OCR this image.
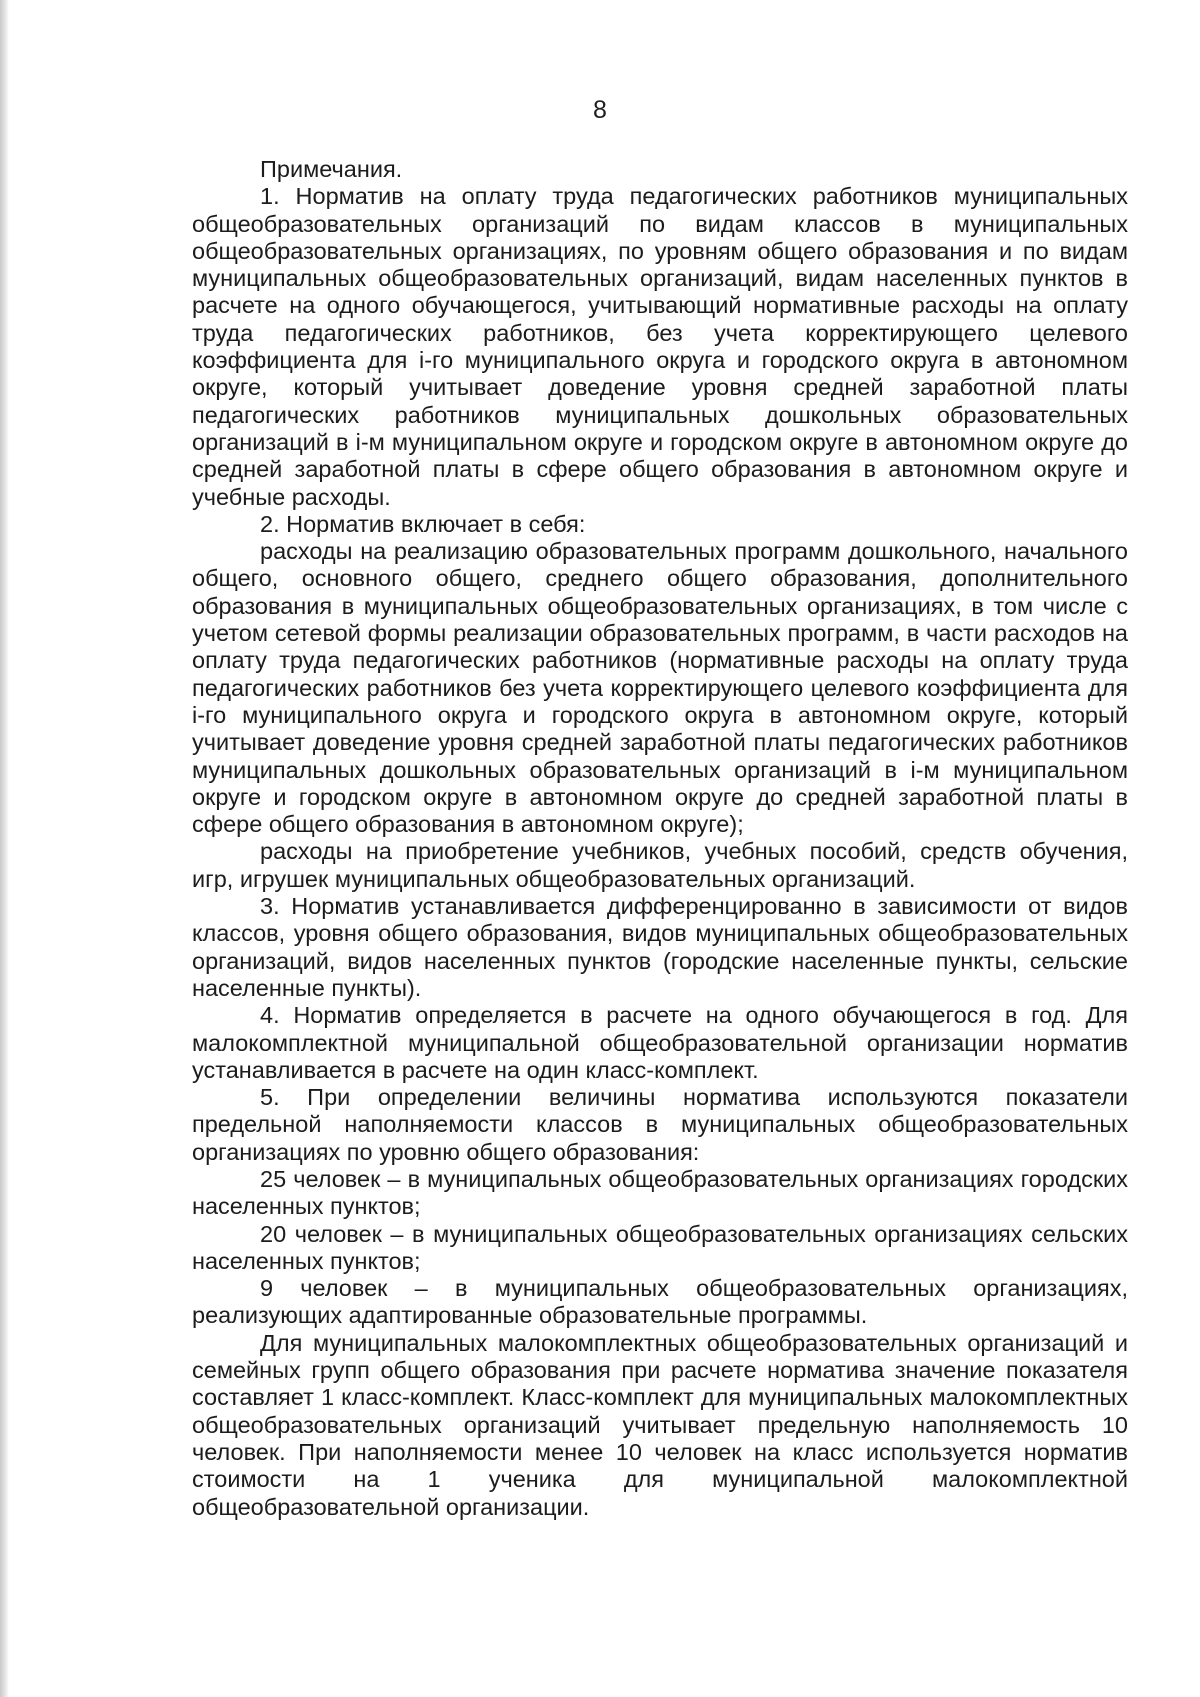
8

Примечания.

1. Норматив на оплату труда педагогических работников муниципальных общеобразовательных организаций по видам классов в муниципальных общеобразовательных организациях, по уровням общего образования и по видам муниципальных общеобразовательных организаций, видам населенных пунктов в расчете на одного обучающегося, учитывающий нормативные расходы на оплату труда педагогических работников, без учета корректирующего целевого коэффициента для i-го муниципального округа и городского округа в автономном округе, который учитывает доведение уровня средней заработной платы педагогических работников муниципальных дошкольных образовательных организаций в i-м муниципальном округе и городском округе в автономном округе до средней заработной платы в сфере общего образования в автономном округе и учебные расходы.

2. Норматив включает в себя:

расходы на реализацию образовательных программ дошкольного, начального общего, основного общего, среднего общего образования, дополнительного образования в муниципальных общеобразовательных организациях, в том числе с учетом сетевой формы реализации образовательных программ, в части расходов на оплату труда педагогических работников (нормативные расходы на оплату труда педагогических работников без учета корректирующего целевого коэффициента для i-го муниципального округа и городского округа в автономном округе, который учитывает доведение уровня средней заработной платы педагогических работников муниципальных дошкольных образовательных организаций в i-м муниципальном округе и городском округе в автономном округе до средней заработной платы в сфере общего образования в автономном округе);

расходы на приобретение учебников, учебных пособий, средств обучения, игр, игрушек муниципальных общеобразовательных организаций.

3. Норматив устанавливается дифференцированно в зависимости от видов классов, уровня общего образования, видов муниципальных общеобразовательных организаций, видов населенных пунктов (городские населенные пункты, сельские населенные пункты).

4. Норматив определяется в расчете на одного обучающегося в год. Для малокомплектной муниципальной общеобразовательной организации норматив устанавливается в расчете на один класс-комплект.

5. При определении величины норматива используются показатели предельной наполняемости классов в муниципальных общеобразовательных организациях по уровню общего образования:

25 человек – в муниципальных общеобразовательных организациях городских населенных пунктов;

20 человек – в муниципальных общеобразовательных организациях сельских населенных пунктов;

9 человек – в муниципальных общеобразовательных организациях, реализующих адаптированные образовательные программы.

Для муниципальных малокомплектных общеобразовательных организаций и семейных групп общего образования при расчете норматива значение показателя составляет 1 класс-комплект. Класс-комплект для муниципальных малокомплектных общеобразовательных организаций учитывает предельную наполняемость 10 человек. При наполняемости менее 10 человек на класс используется норматив стоимости на 1 ученика для муниципальной малокомплектной общеобразовательной организации.
